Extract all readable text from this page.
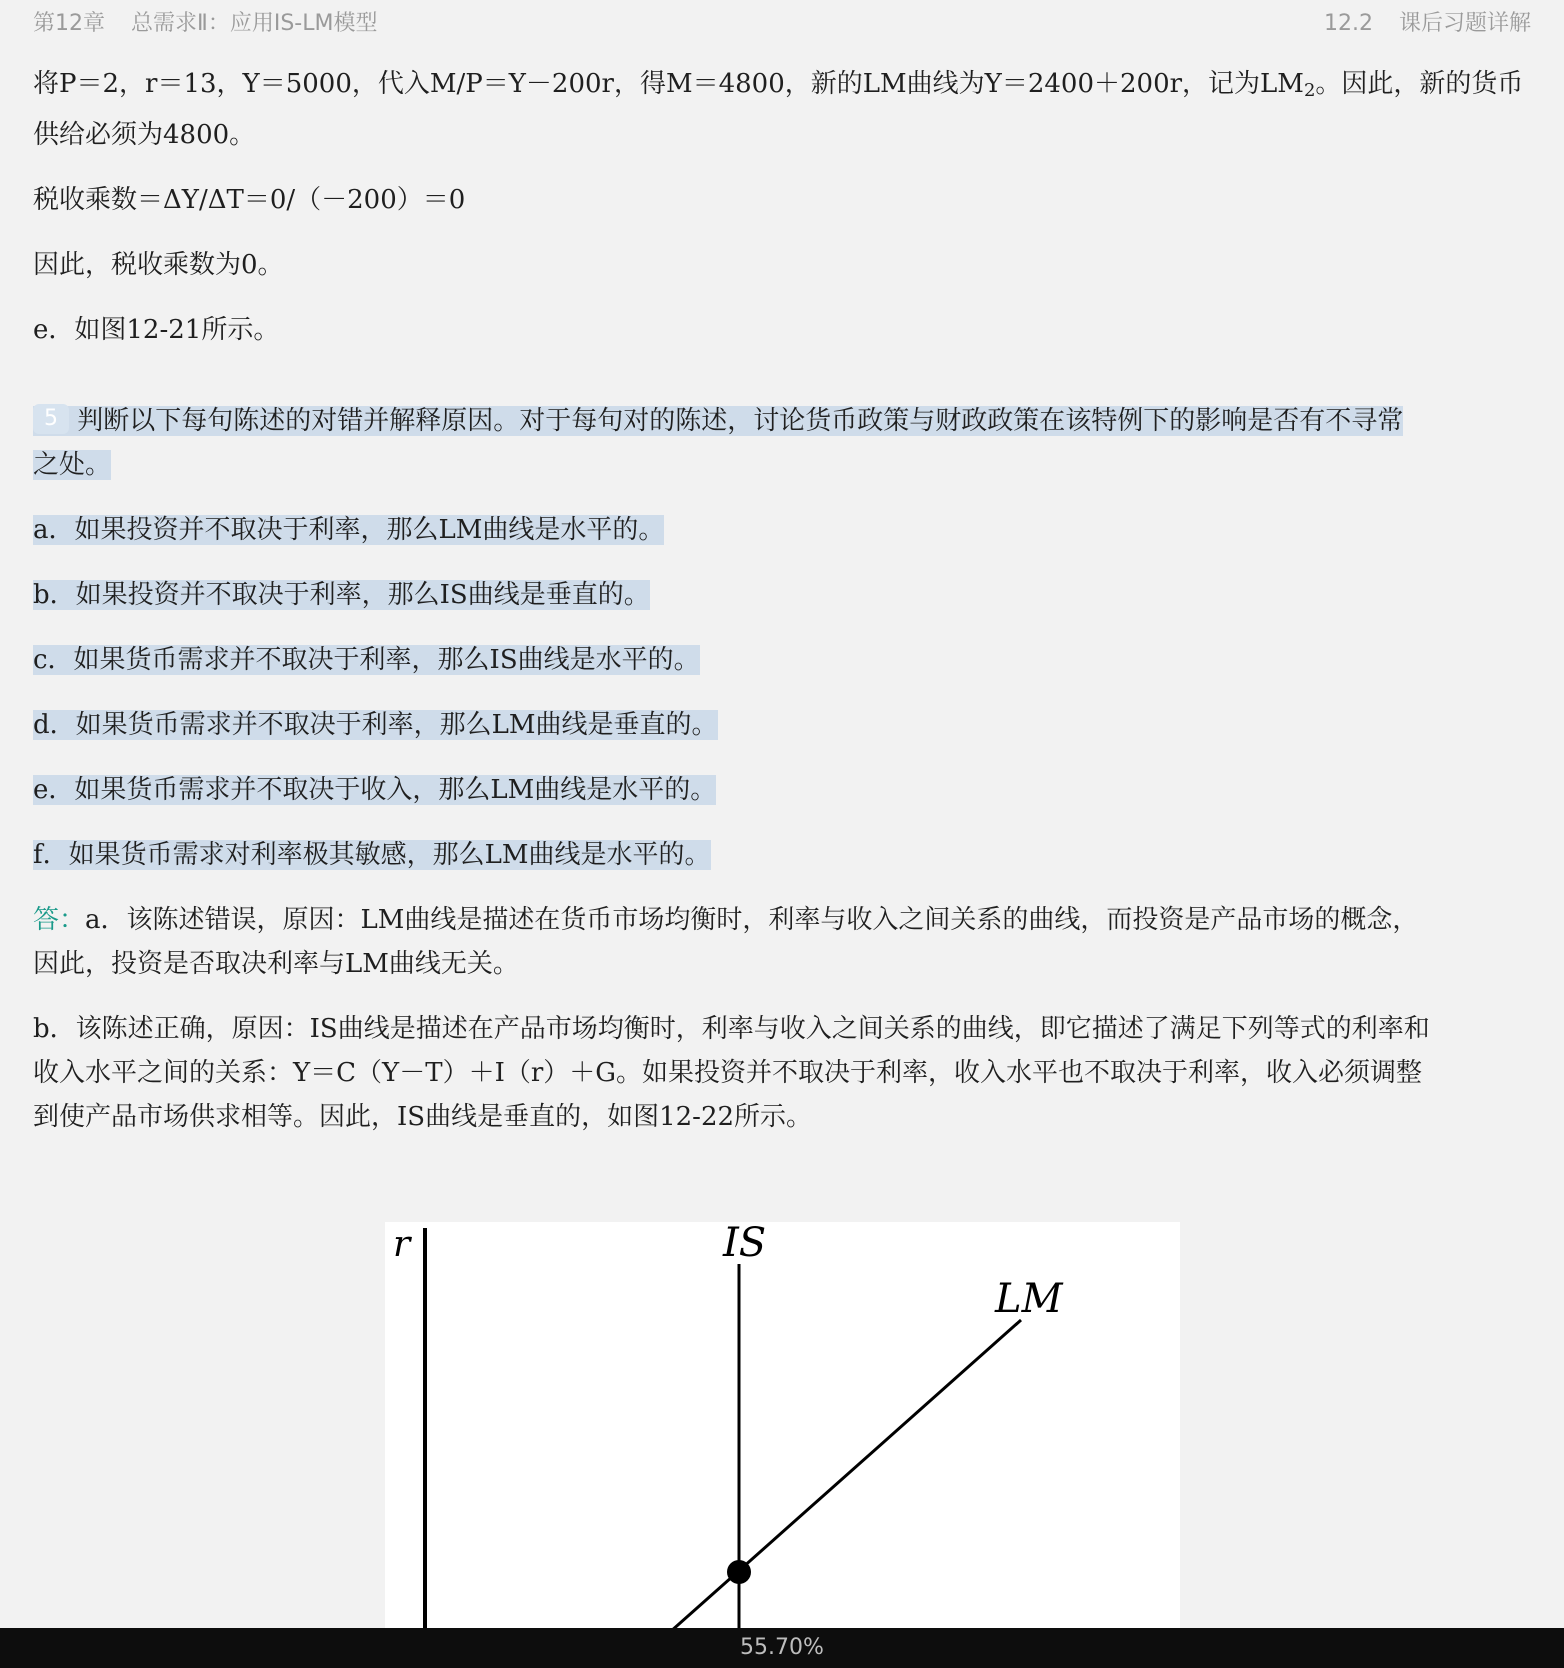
第12章 总需求Ⅱ：应用IS-LM模型	12.2 课后习题详解

将P＝2，r＝13，Y＝5000，代入M/P＝Y－200r，得M＝4800，新的LM曲线为Y＝2400＋200r，记为$LM_2$。因此，新的货币
供给必须为4800。

税收乘数＝ΔY/ΔT＝0/（－200）＝0

因此，税收乘数为0。

e．如图12-21所示。

5 判断以下每句陈述的对错并解释原因。对于每句对的陈述，讨论货币政策与财政政策在该特例下的影响是否有不寻常
之处。

a．如果投资并不取决于利率，那么LM曲线是水平的。

b．如果投资并不取决于利率，那么IS曲线是垂直的。

c．如果货币需求并不取决于利率，那么IS曲线是水平的。

d．如果货币需求并不取决于利率，那么LM曲线是垂直的。

e．如果货币需求并不取决于收入，那么LM曲线是水平的。

f．如果货币需求对利率极其敏感，那么LM曲线是水平的。

答：a．该陈述错误，原因：LM曲线是描述在货币市场均衡时，利率与收入之间关系的曲线，而投资是产品市场的概念，
因此，投资是否取决利率与LM曲线无关。

b．该陈述正确，原因：IS曲线是描述在产品市场均衡时，利率与收入之间关系的曲线，即它描述了满足下列等式的利率和
收入水平之间的关系：Y＝C（Y－T）＋I（r）＋G。如果投资并不取决于利率，收入水平也不取决于利率，收入必须调整
到使产品市场供求相等。因此，IS曲线是垂直的，如图12-22所示。

r	IS
LM
55.70%
